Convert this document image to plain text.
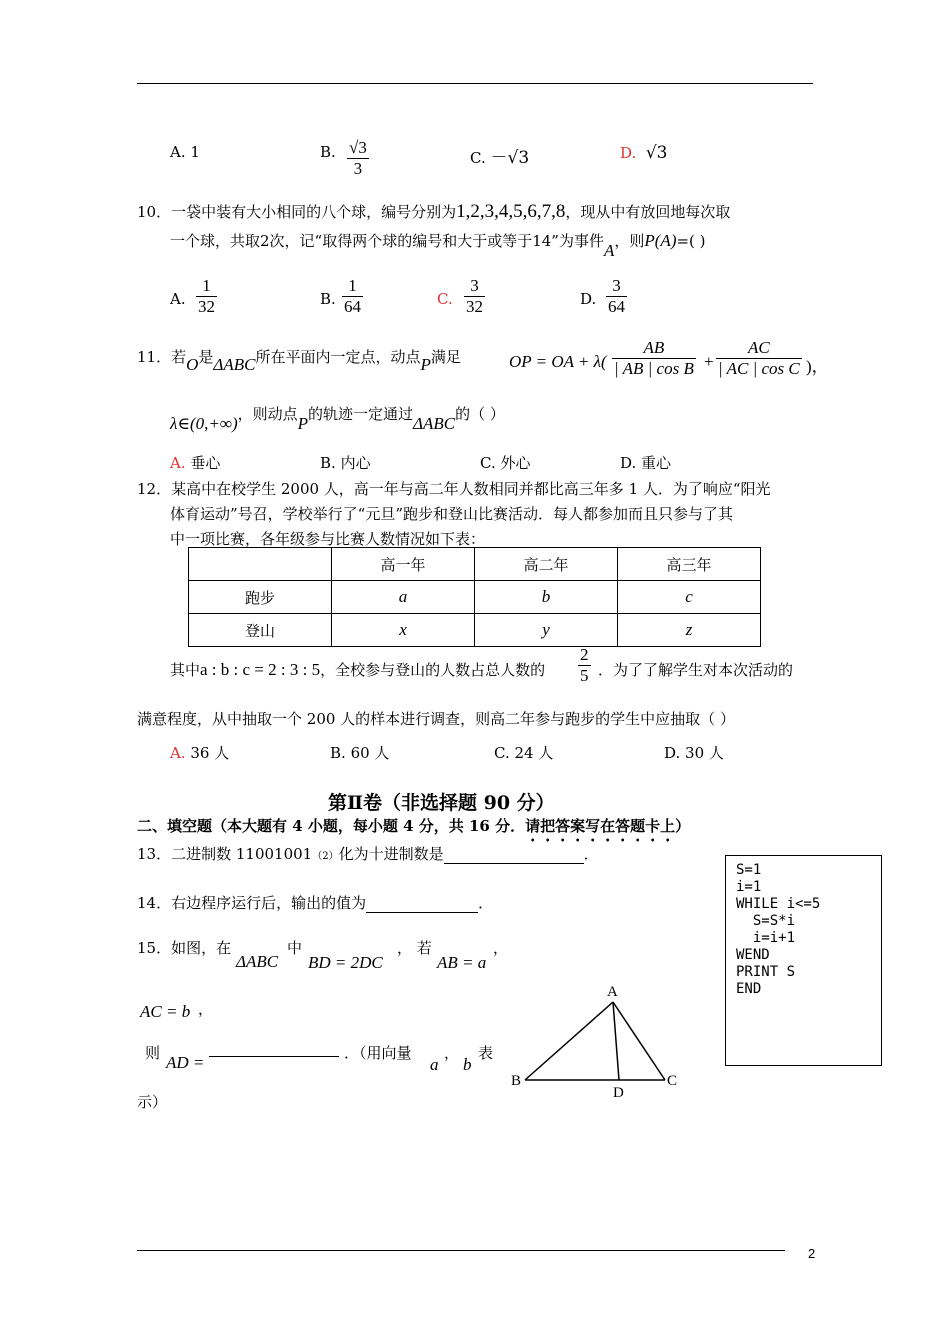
A. 1	B. √3
3
C. －√3	D. √3
10．一袋中装有大小相同的八个球，编号分别为1,2,3,4,5,6,7,8，现从中有放回地每次取
一个球，共取2次，记“取得两个球的编号和大于或等于14”为事件A，则P(A)=( )
A.
1
32	B.
1
64	C.
3
32	D.
3
64
11．若O是ΔABC所在平面内一定点，动点P满足	OP = OA + λ(
AB
| AB | cos B +
AC
| AC | cos C )，
λ∈(0,+∞)，则动点P的轨迹一定通过ΔABC的（ ）
A. 垂心	B. 内心	C. 外心	D. 重心
12．某高中在校学生 2000 人，高一年与高二年人数相同并都比高三年多 1 人．为了响应“阳光
体育运动”号召，学校举行了“元旦”跑步和登山比赛活动．每人都参加而且只参与了其
中一项比赛，各年级参与比赛人数情况如下表：
	高一年	高二年	高三年
跑步	a	b	c
登山	x	y	z
其中a : b : c = 2 : 3 : 5，全校参与登山的人数占总人数的
2
5 ．为了了解学生对本次活动的
满意程度，从中抽取一个 200 人的样本进行调查，则高二年参与跑步的学生中应抽取（ ）
A. 36 人	B. 60 人	C. 24 人	D. 30 人
第Ⅱ卷（非选择题 90 分）
二、填空题（本大题有 4 小题，每小题 4 分，共 16 分．请把答案写在答题卡上）
13．二进制数 11001001（2）化为十进制数是	．
14．右边程序运行后，输出的值为	．
15．如图，在
ΔABC
中
BD = 2DC
， 若
AB = a
，
AC = b ，
则 AD =	．（用向量
a
，
b
表
示）
A
B	C
D
S=1
i=1
WHILE i<=5
S=S*i
i=i+1
WEND
PRINT S
END
2
